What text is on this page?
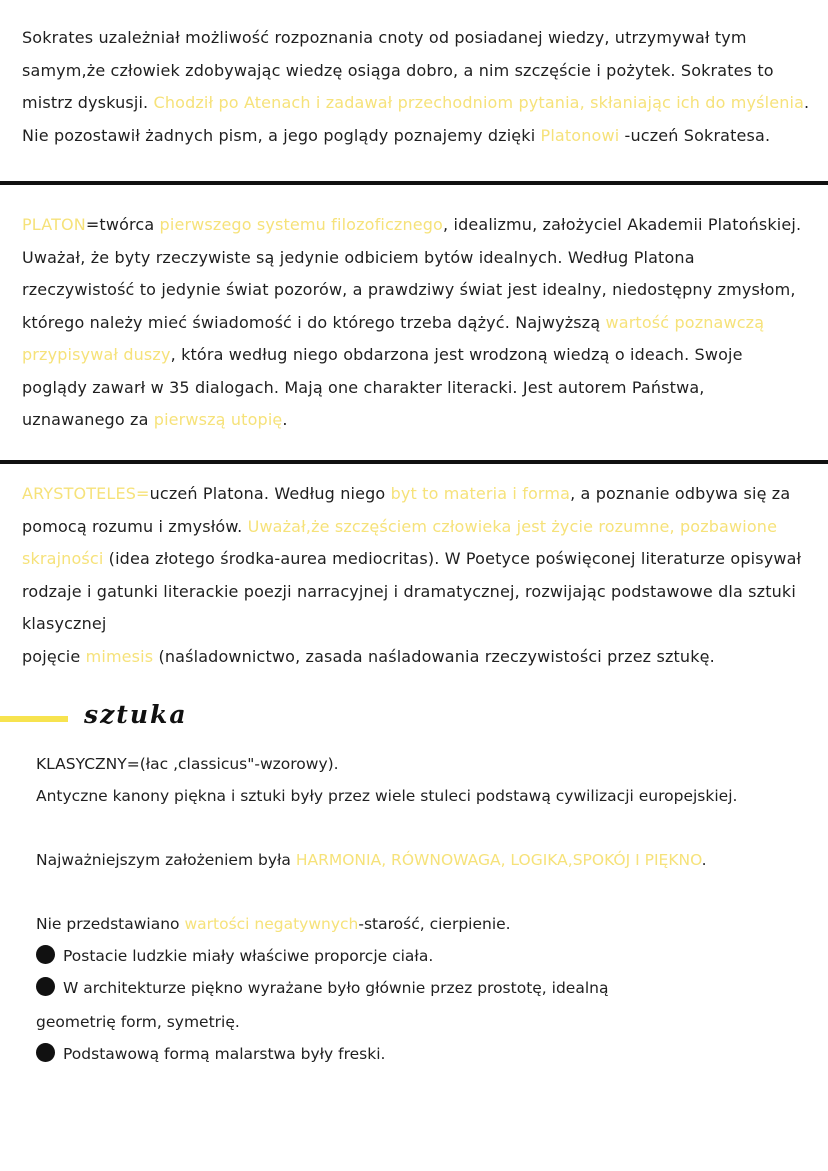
Sokrates uzależniał możliwość rozpoznania cnoty od posiadanej wiedzy, utrzymywał tym samym,że człowiek zdobywając wiedzę osiąga dobro, a nim szczęście i pożytek. Sokrates to mistrz dyskusji. Chodził po Atenach i zadawał przechodniom pytania, skłaniając ich do myślenia. Nie pozostawił żadnych pism, a jego poglądy poznajemy dzięki Platonowi -uczeń Sokratesa.

PLATON=twórca pierwszego systemu filozoficznego, idealizmu, założyciel Akademii Platońskiej. Uważał, że byty rzeczywiste są jedynie odbiciem bytów idealnych. Według Platona rzeczywistość to jedynie świat pozorów, a prawdziwy świat jest idealny, niedostępny zmysłom, którego należy mieć świadomość i do którego trzeba dążyć. Najwyższą wartość poznawczą przypisywał duszy, która według niego obdarzona jest wrodzoną wiedzą o ideach. Swoje poglądy zawarł w 35 dialogach. Mają one charakter literacki. Jest autorem Państwa, uznawanego za pierwszą utopię.

ARYSTOTELES=uczeń Platona. Według niego byt to materia i forma, a poznanie odbywa się za pomocą rozumu i zmysłów. Uważał,że szczęściem człowieka jest życie rozumne, pozbawione skrajności (idea złotego środka-aurea mediocritas). W Poetyce poświęconej literaturze opisywał rodzaje i gatunki literackie poezji narracyjnej i dramatycznej, rozwijając podstawowe dla sztuki klasycznej
pojęcie mimesis (naśladownictwo, zasada naśladowania rzeczywistości przez sztukę.

sztuka

KLASYCZNY=(łac ,classicus"-wzorowy).

Antyczne kanony piękna i sztuki były przez wiele stuleci podstawą cywilizacji europejskiej.

Najważniejszym założeniem była HARMONIA, RÓWNOWAGA, LOGIKA,SPOKÓJ I PIĘKNO.

Nie przedstawiano wartości negatywnych-starość, cierpienie.

Postacie ludzkie miały właściwe proporcje ciała.

W architekturze piękno wyrażane było głównie przez prostotę, idealną

geometrię form, symetrię.

Podstawową formą malarstwa były freski.
